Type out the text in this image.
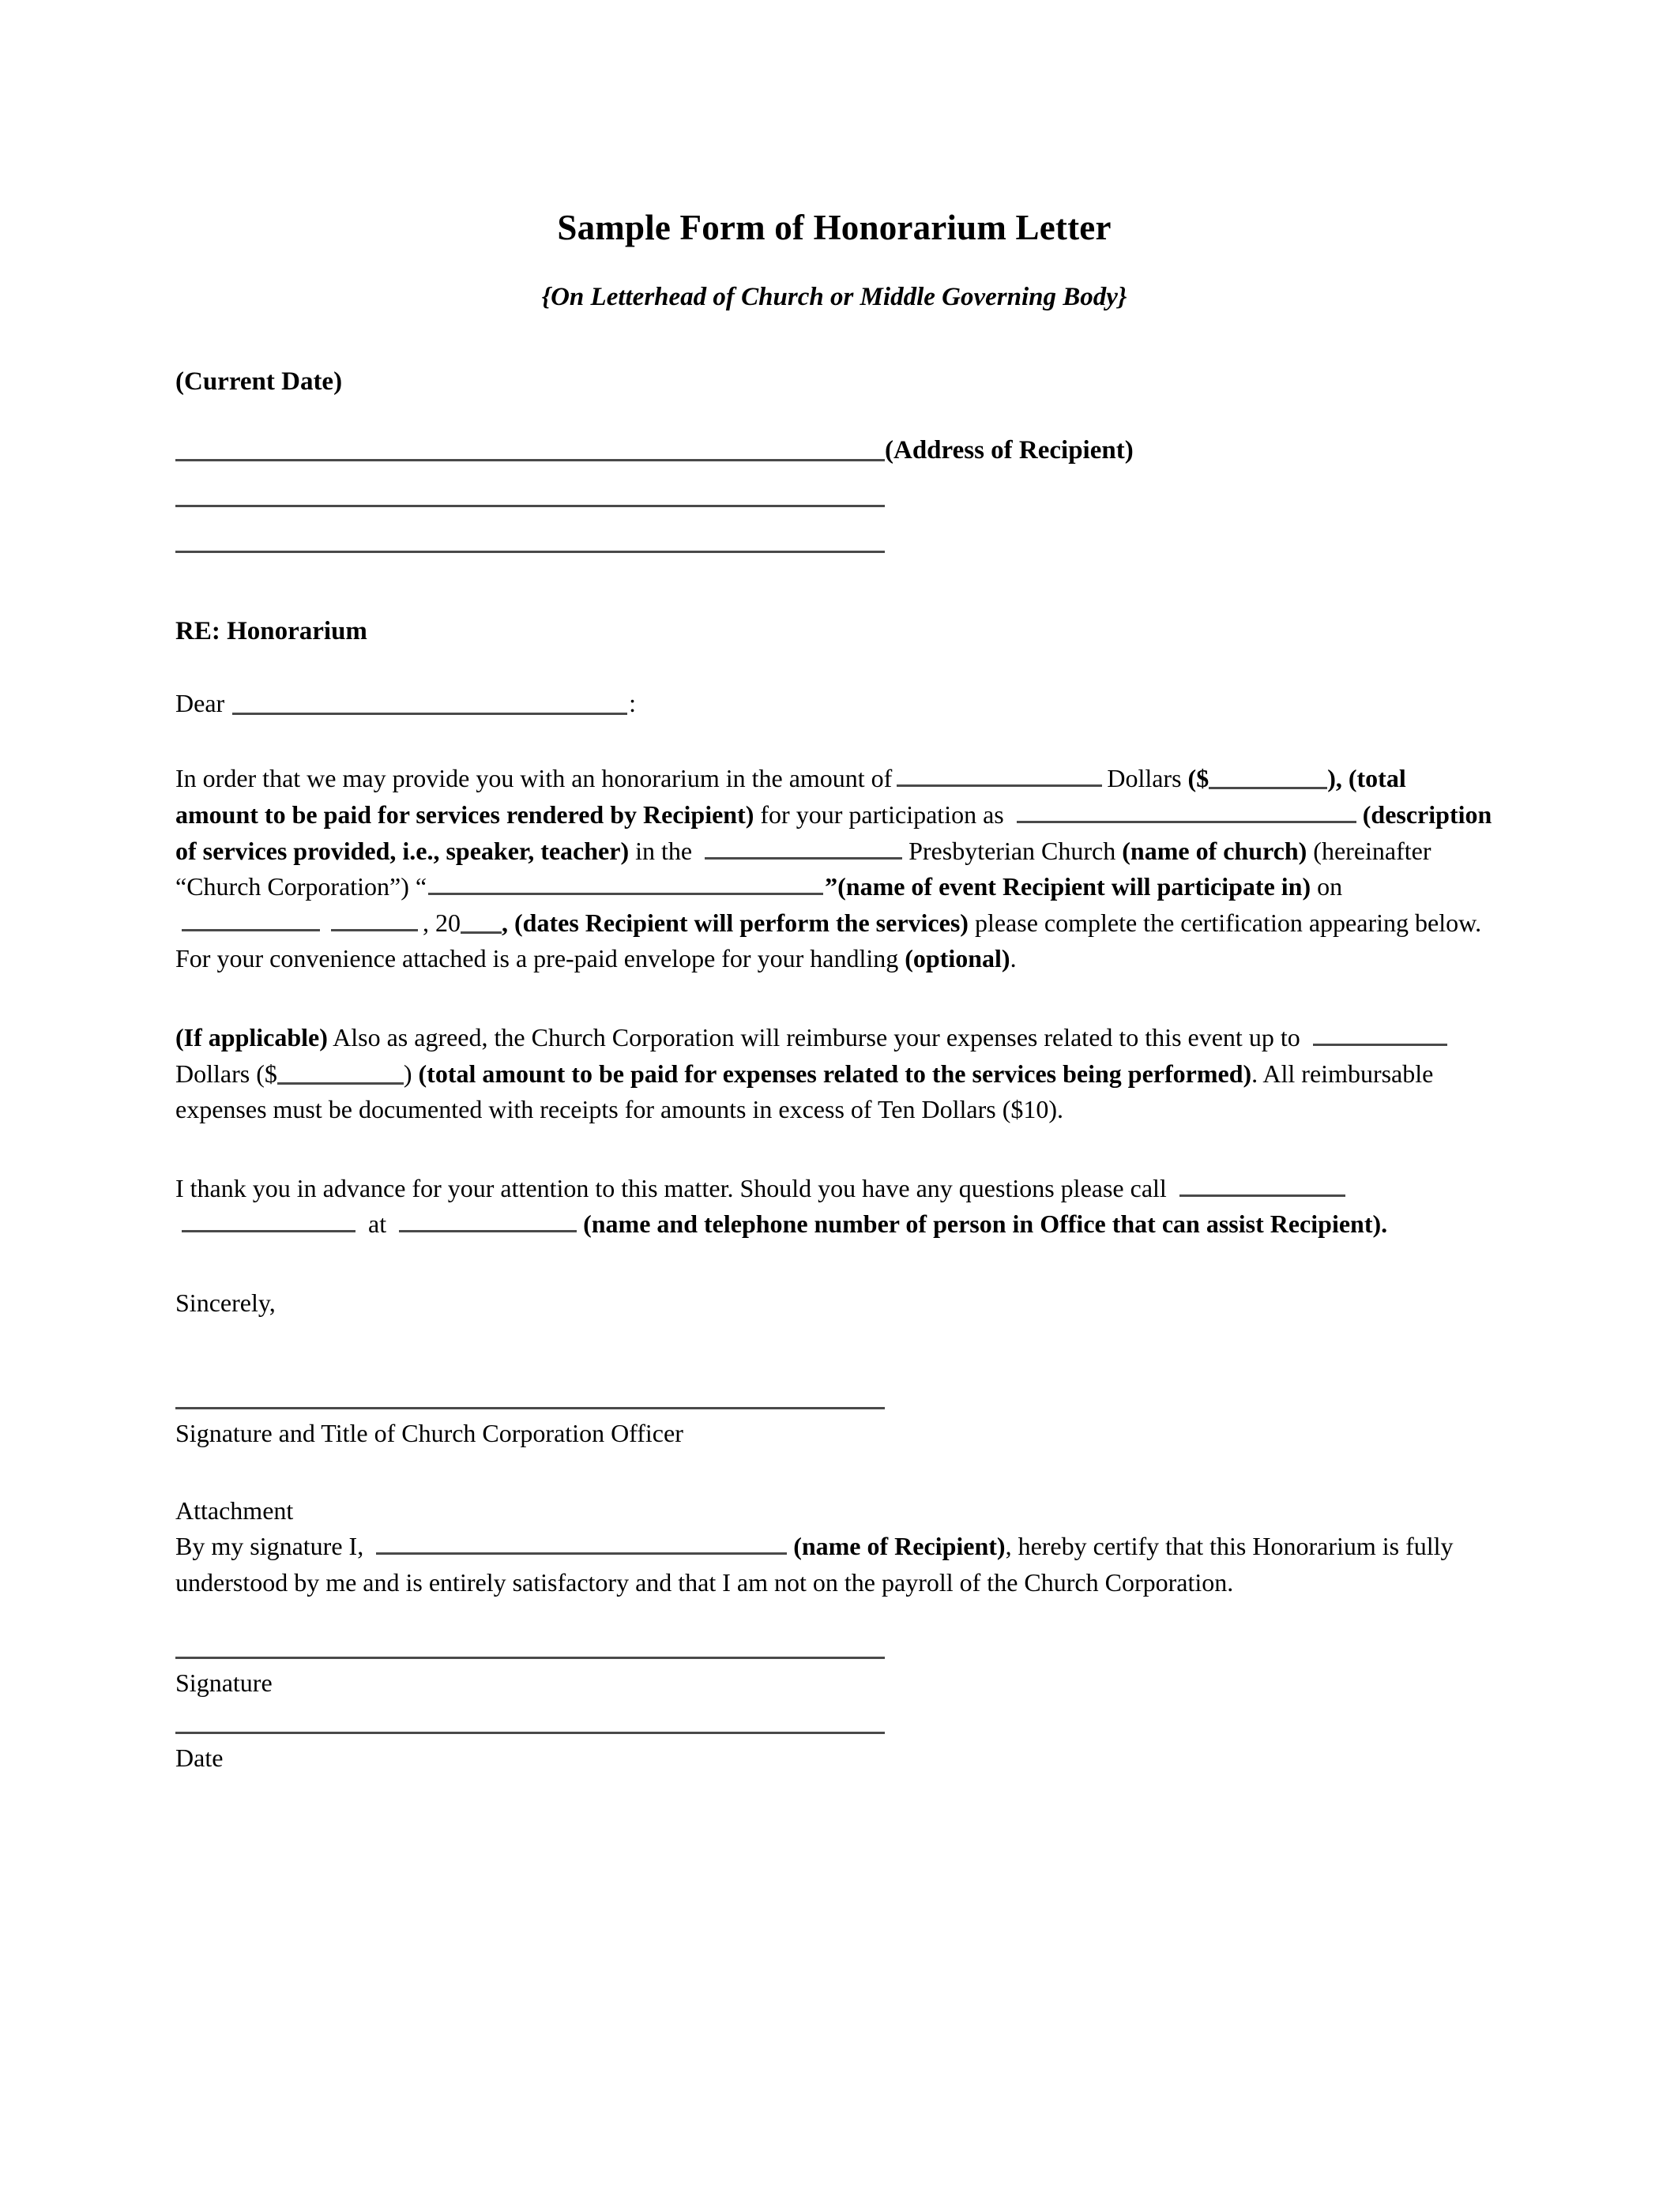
Sample Form of Honorarium Letter
{On Letterhead of Church or Middle Governing Body}
(Current Date)
(Address of Recipient)
RE: Honorarium
Dear	:

In order that we may provide you with an honorarium in the amount of	Dollars ($	), (total amount to be paid for services rendered by Recipient) for your participation as	(description of services provided, i.e., speaker, teacher) in the	Presbyterian Church (name of church) (hereinafter “Church Corporation”) “	”(name of event Recipient will participate in) on , 20 , (dates Recipient will perform the services) please complete the certification appearing below. For your convenience attached is a pre-paid envelope for your handling (optional).

(If applicable) Also as agreed, the Church Corporation will reimburse your expenses related to this event up to Dollars ($	) (total amount to be paid for expenses related to the services being performed). All reimbursable expenses must be documented with receipts for amounts in excess of Ten Dollars ($10).

I thank you in advance for your attention to this matter. Should you have any questions please call  at	(name and telephone number of person in Office that can assist Recipient).

Sincerely,

Signature and Title of Church Corporation Officer
Attachment
By my signature I,	(name of Recipient), hereby certify that this Honorarium is fully understood by me and is entirely satisfactory and that I am not on the payroll of the Church Corporation.
Signature
Date
